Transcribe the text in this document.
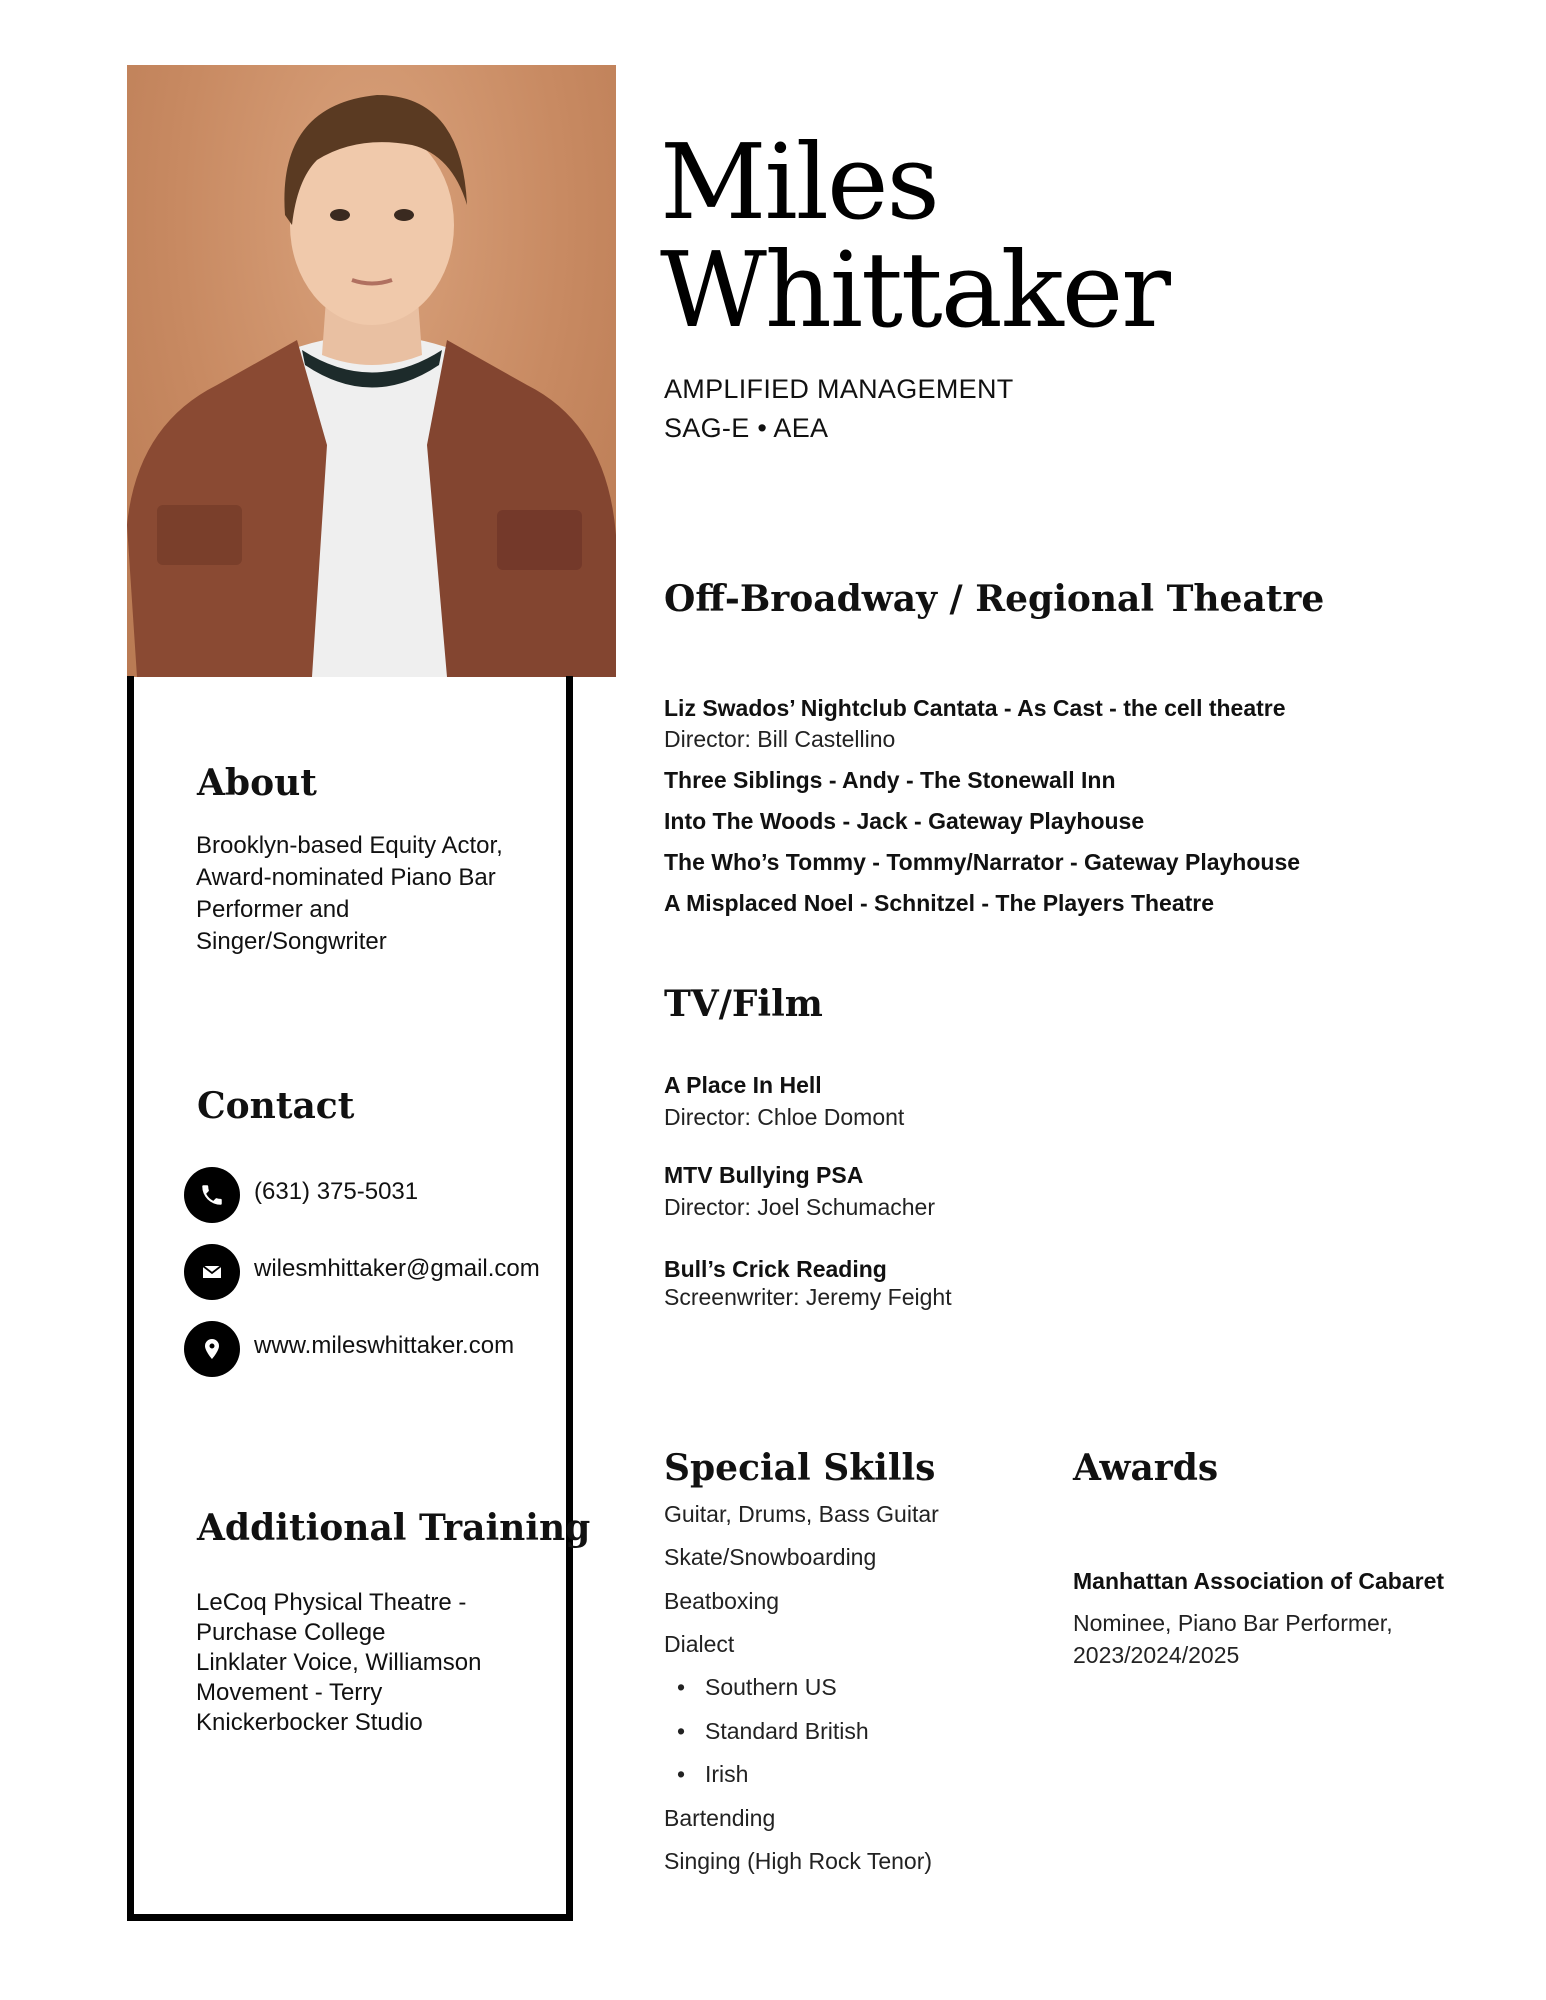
About
Brooklyn-based Equity Actor,
Award-nominated Piano Bar
Performer and
Singer/Songwriter
Contact
(631) 375-5031
wilesmhittaker@gmail.com
www.mileswhittaker.com
Additional Training
LeCoq Physical Theatre -
Purchase College
Linklater Voice, Williamson
Movement - Terry
Knickerbocker Studio
Miles
Whittaker
AMPLIFIED MANAGEMENT
SAG-E • AEA
Off-Broadway / Regional Theatre
Liz Swados’ Nightclub Cantata - As Cast - the cell theatre
Director: Bill Castellino
Three Siblings - Andy - The Stonewall Inn
Into The Woods - Jack - Gateway Playhouse
The Who’s Tommy - Tommy/Narrator - Gateway Playhouse
A Misplaced Noel - Schnitzel - The Players Theatre
TV/Film
A Place In Hell
Director: Chloe Domont
MTV Bullying PSA
Director: Joel Schumacher
Bull’s Crick Reading
Screenwriter: Jeremy Feight
Special Skills
Guitar, Drums, Bass Guitar
Skate/Snowboarding
Beatboxing
Dialect
• Southern US
• Standard British
• Irish
Bartending
Singing (High Rock Tenor)
Awards
Manhattan Association of Cabaret
Nominee, Piano Bar Performer,
2023/2024/2025
